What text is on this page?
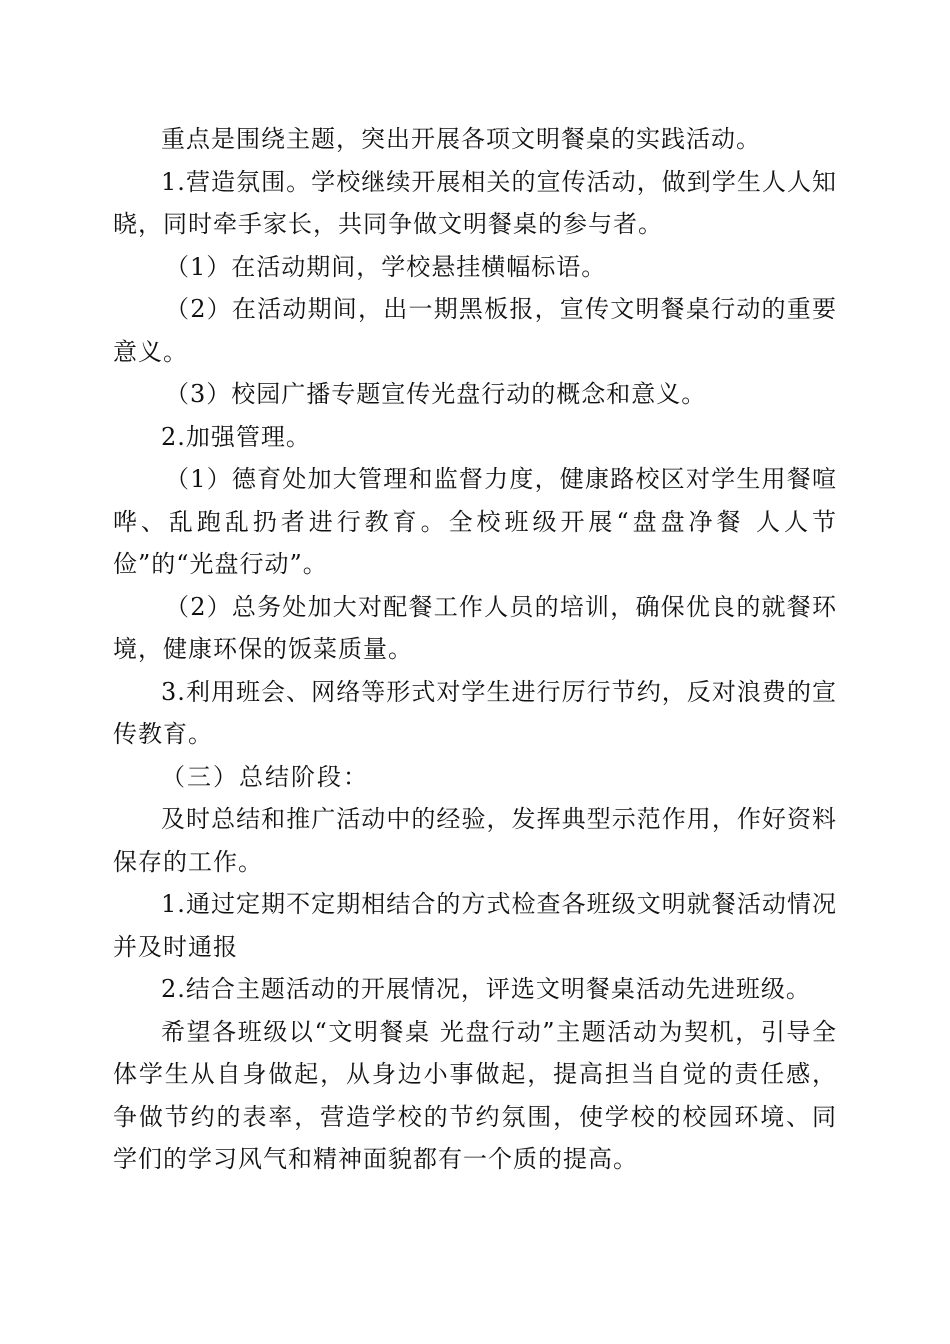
重点是围绕主题，突出开展各项文明餐桌的实践活动。

1.营造氛围。学校继续开展相关的宣传活动，做到学生人人知晓，同时牵手家长，共同争做文明餐桌的参与者。

（1）在活动期间，学校悬挂横幅标语。

（2）在活动期间，出一期黑板报，宣传文明餐桌行动的重要意义。

（3）校园广播专题宣传光盘行动的概念和意义。

2.加强管理。

（1）德育处加大管理和监督力度，健康路校区对学生用餐喧哗、乱跑乱扔者进行教育。全校班级开展“盘盘净餐 人人节俭”的“光盘行动”。

（2）总务处加大对配餐工作人员的培训，确保优良的就餐环境，健康环保的饭菜质量。

3.利用班会、网络等形式对学生进行厉行节约，反对浪费的宣传教育。

（三）总结阶段：

及时总结和推广活动中的经验，发挥典型示范作用，作好资料保存的工作。

1.通过定期不定期相结合的方式检查各班级文明就餐活动情况并及时通报

2.结合主题活动的开展情况，评选文明餐桌活动先进班级。

希望各班级以“文明餐桌 光盘行动”主题活动为契机，引导全体学生从自身做起，从身边小事做起，提高担当自觉的责任感，争做节约的表率，营造学校的节约氛围，使学校的校园环境、同学们的学习风气和精神面貌都有一个质的提高。
